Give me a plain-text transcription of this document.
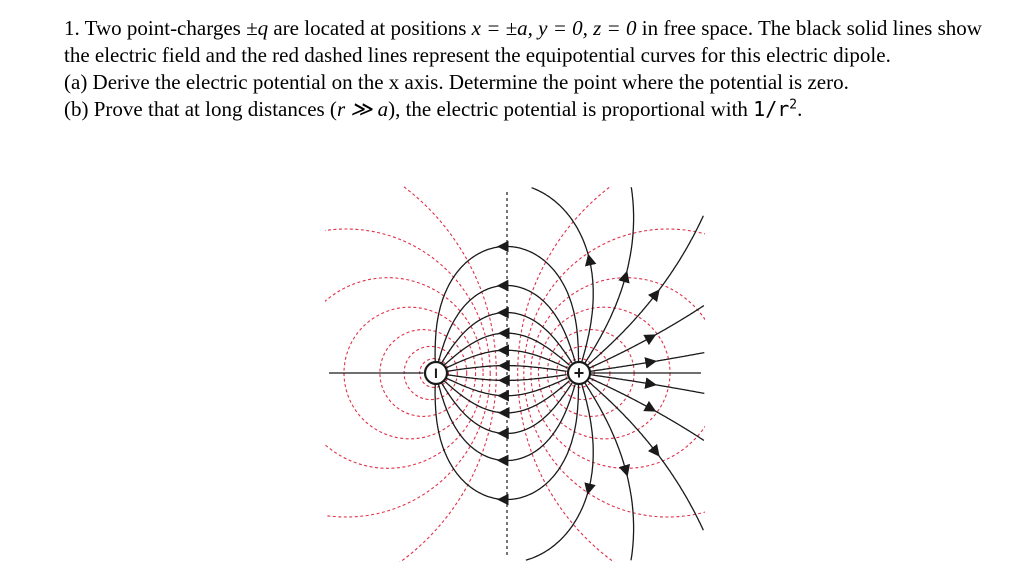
1. Two point-charges ±q are located at positions x = ±a, y = 0, z = 0 in free space. The black solid lines show the electric field and the red dashed lines represent the equipotential curves for this electric dipole.

(a) Derive the electric potential on the x axis. Determine the point where the potential is zero.

(b) Prove that at long distances (r ≫ a), the electric potential is proportional with $1/r^2$.

I	+
